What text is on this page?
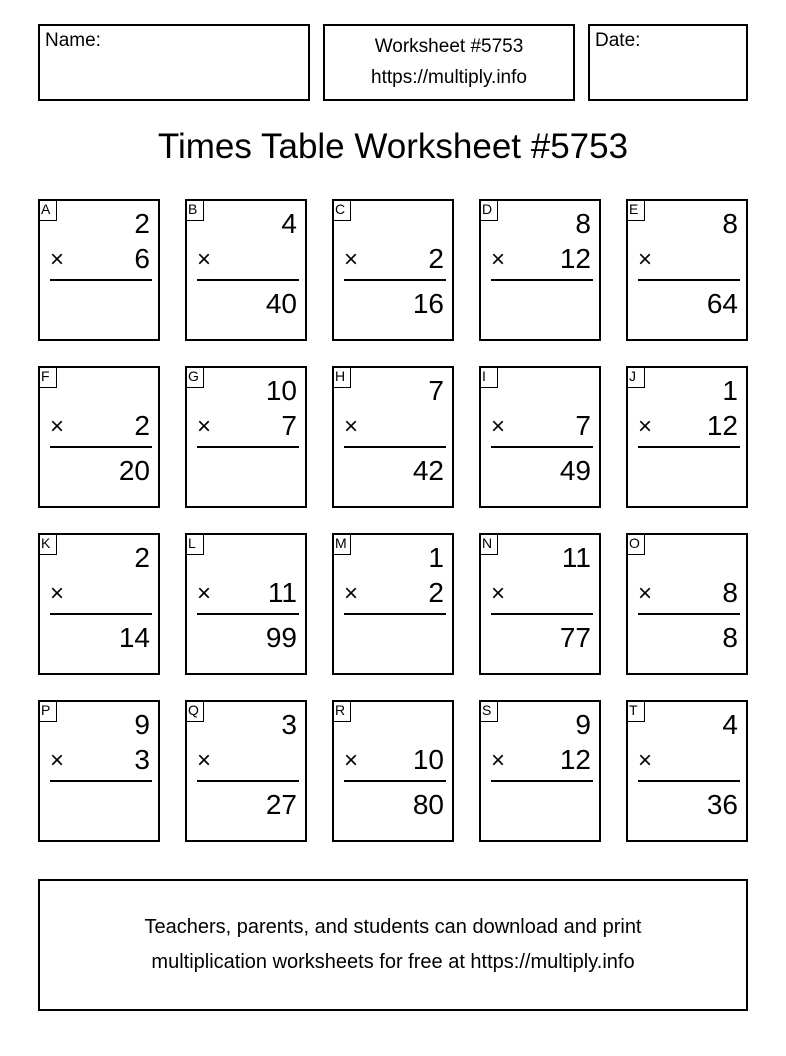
Name:	Worksheet #5753
https://multiply.info
Date:
Times Table Worksheet #5753
A	2
×	6
B	4
×
40
C
×	2
16
D	8
× 12
E	8
×
64
F
×	2
20
G 10
×	7
H	7
×
42
I
×	7
49
J	1
× 12
K	2
×
14
L
× 11
99
M	1
×	2
N 11
×
77
O
×	8
8
P	9
×	3
Q	3
×
27
R
× 10
80
S	9
× 12
T	4
×
36
Teachers, parents, and students can download and print
multiplication worksheets for free at https://multiply.info
